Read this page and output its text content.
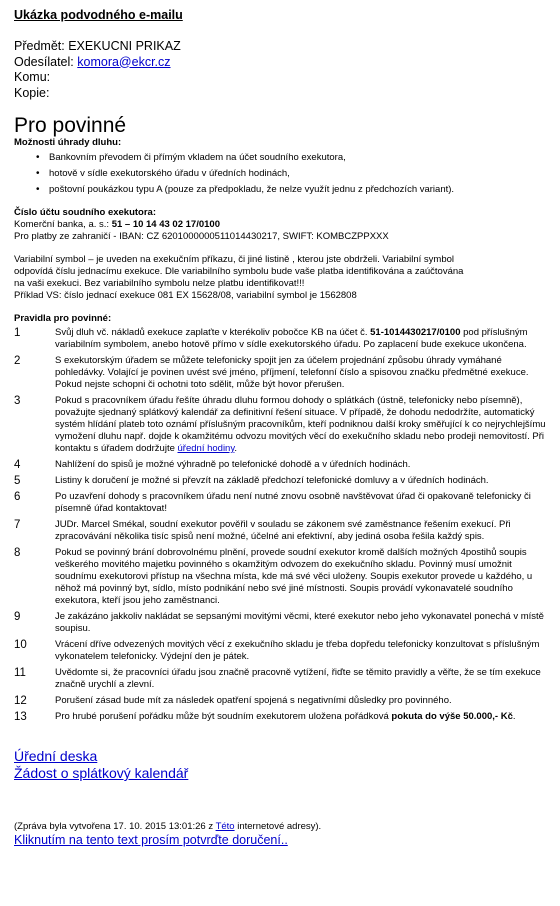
Ukázka podvodného e-mailu

Předmět: EXEKUCNI PRIKAZ
Odesílatel: komora@ekcr.cz
Komu:
Kopie:
Pro povinné
Možnosti úhrady dluhu:
• Bankovním převodem či přímým vkladem na účet soudního exekutora,
• hotově v sídle exekutorského úřadu v úředních hodinách,
• poštovní poukázkou typu A (pouze za předpokladu, že nelze využít jednu z předchozích variant).
Číslo účtu soudního exekutora:
Komerční banka, a. s.: 51 – 10 14 43 02 17/0100
Pro platby ze zahraničí - IBAN: CZ 6201000000511014430217, SWIFT: KOMBCZPPXXX
Variabilní symbol – je uveden na exekučním příkazu, či jiné listině , kterou jste obdrželi. Variabilní symbol
odpovídá číslu jednacímu exekuce. Dle variabilního symbolu bude vaše platba identifikována a zaúčtována
na vaši exekuci. Bez variabilního symbolu nelze platbu identifikovat!!!
Příklad VS: číslo jednací exekuce 081 EX 15628/08, variabilní symbol je 1562808
Pravidla pro povinné:
1	Svůj dluh vč. nákladů exekuce zaplaťte v kterékoliv pobočce KB na účet č. 51-1014430217/0100 pod příslušným variabilním symbolem, anebo hotově přímo v sídle exekutorského úřadu. Po zaplacení bude exekuce ukončena.
2	S exekutorským úřadem se můžete telefonicky spojit jen za účelem projednání způsobu úhrady vymáhané pohledávky. Volající je povinen uvést své jméno, příjmení, telefonní číslo a spisovou značku předmětné exekuce. Pokud nejste schopni či ochotni toto sdělit, může být hovor přerušen.
3	Pokud s pracovníkem úřadu řešíte úhradu dluhu formou dohody o splátkách (ústně, telefonicky nebo písemně), považujte sjednaný splátkový kalendář za definitivní řešení situace. V případě, že dohodu nedodržíte, automatický systém hlídání plateb toto oznámí příslušným pracovníkům, kteří podniknou další kroky směřující k co nejrychlejšímu vymožení dluhu např. dojde k okamžitému odvozu movitých věcí do exekučního skladu nebo prodeji nemovitostí. Při kontaktu s úřadem dodržujte úřední hodiny.
4	Nahlížení do spisů je možné výhradně po telefonické dohodě a v úředních hodinách.
5	Listiny k doručení je možné si převzít na základě předchozí telefonické domluvy a v úředních hodinách.
6	Po uzavření dohody s pracovníkem úřadu není nutné znovu osobně navštěvovat úřad či opakovaně telefonicky či písemně úřad kontaktovat!
7	JUDr. Marcel Smékal, soudní exekutor pověřil v souladu se zákonem své zaměstnance řešením exekucí. Při zpracovávání několika tisíc spisů není možné, účelné ani efektivní, aby jediná osoba řešila každý spis.
8	Pokud se povinný brání dobrovolnému plnění, provede soudní exekutor kromě dalších možných 4postihů soupis veškerého movitého majetku povinného s okamžitým odvozem do exekučního skladu. Povinný musí umožnit soudnímu exekutorovi přístup na všechna místa, kde má své věci uloženy. Soupis exekutor provede u každého, u něhož má povinný byt, sídlo, místo podnikání nebo své jiné místnosti. Soupis provádí vykonavatelé soudního exekutora, kteří jsou jeho zaměstnanci.
9	Je zakázáno jakkoliv nakládat se sepsanými movitými věcmi, které exekutor nebo jeho vykonavatel ponechá v místě soupisu.
10	Vrácení dříve odvezených movitých věcí z exekučního skladu je třeba dopředu telefonicky konzultovat s příslušným vykonatelem telefonicky. Výdejní den je pátek.
11	Uvědomte si, že pracovníci úřadu jsou značně pracovně vytížení, řiďte se těmito pravidly a věřte, že se tím exekuce značně urychlí a zlevní.
12	Porušení zásad bude mít za následek opatření spojená s negativními důsledky pro povinného.
13	Pro hrubé porušení pořádku může být soudním exekutorem uložena pořádková pokuta do výše 50.000,- Kč.
Úřední deska
Žádost o splátkový kalendář
(Zpráva byla vytvořena 17. 10. 2015 13:01:26 z Této internetové adresy).
Kliknutím na tento text prosím potvrďte doručení..
